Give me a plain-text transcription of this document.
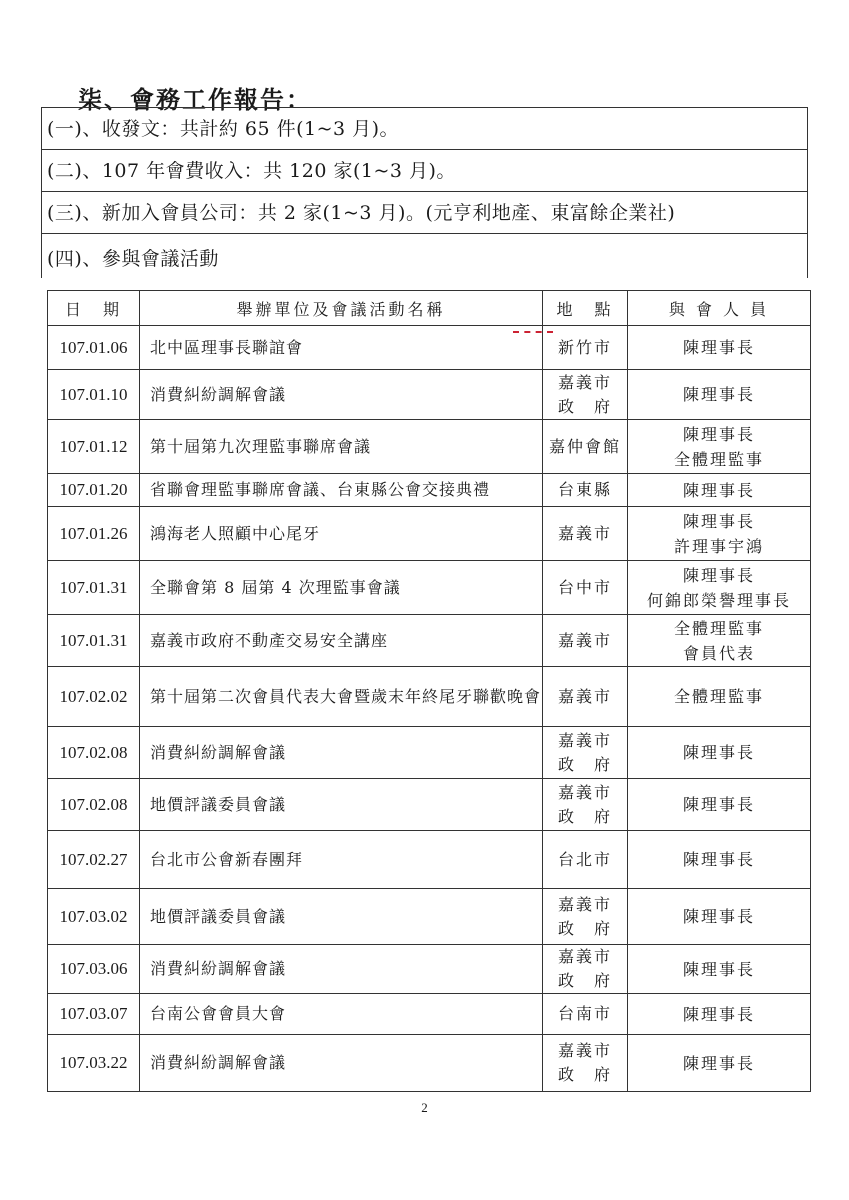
柒、會務工作報告：
(一)、收發文：共計約 65 件(1~3 月)。
(二)、107 年會費收入：共 120 家(1~3 月)。
(三)、新加入會員公司：共 2 家(1~3 月)。(元亨利地產、東富餘企業社)
(四)、參與會議活動
日　期	舉辦單位及會議活動名稱	地　點	與 會 人 員
107.01.06	北中區理事長聯誼會	新竹市	陳理事長

107.01.10	消費糾紛調解會議	嘉義市
政　府	陳理事長

107.01.12	第十屆第九次理監事聯席會議	嘉仲會館	陳理事長
全體理監事

107.01.20	省聯會理監事聯席會議、台東縣公會交接典禮	台東縣	陳理事長

107.01.26	鴻海老人照顧中心尾牙	嘉義市	陳理事長
許理事宇鴻

107.01.31	全聯會第 8 屆第 4 次理監事會議	台中市	陳理事長
何錦郎榮譽理事長

107.01.31	嘉義市政府不動產交易安全講座	嘉義市	全體理監事
會員代表

107.02.02	第十屆第二次會員代表大會暨歲末年終尾牙聯歡晚會	嘉義市	全體理監事

107.02.08	消費糾紛調解會議	嘉義市
政　府	陳理事長

107.02.08	地價評議委員會議	嘉義市
政　府	陳理事長

107.02.27	台北市公會新春團拜	台北市	陳理事長

107.03.02	地價評議委員會議	嘉義市
政　府	陳理事長

107.03.06	消費糾紛調解會議	嘉義市
政　府	陳理事長

107.03.07	台南公會會員大會	台南市	陳理事長

107.03.22	消費糾紛調解會議	嘉義市
政　府	陳理事長
2
